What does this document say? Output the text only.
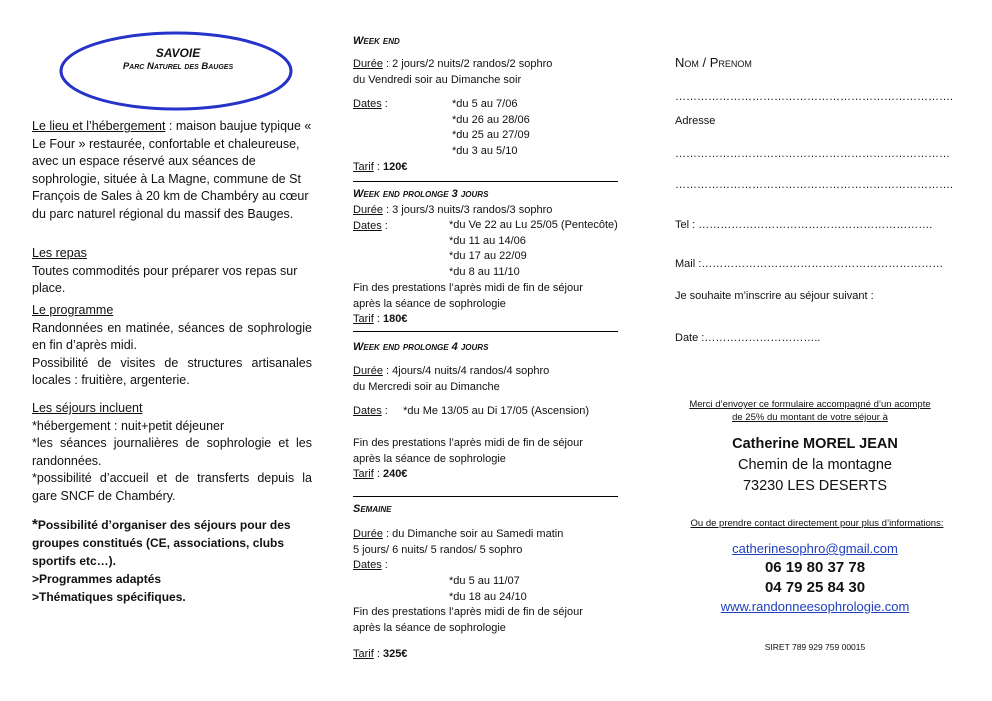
SAVOIE
Parc Naturel des Bauges
Le lieu et l’hébergement : maison baujue typique « Le Four » restaurée, confortable et chaleureuse, avec un espace réservé aux séances de sophrologie, située à La Magne, commune de St François de Sales à 20 km de Chambéry au cœur du parc naturel régional du massif des Bauges.
Les repas
Toutes commodités pour préparer vos repas sur place.
Le programme
Randonnées en matinée, séances de sophrologie en fin d’après midi.
Possibilité de visites de structures artisanales locales : fruitière, argenterie.
Les séjours incluent
*hébergement : nuit+petit déjeuner
*les séances journalières de sophrologie et les randonnées.
*possibilité d’accueil et de transferts depuis la gare SNCF de Chambéry.
*Possibilité d’organiser des séjours pour des groupes constitués (CE, associations, clubs sportifs etc…).
>Programmes adaptés
>Thématiques spécifiques.
Week end
Durée : 2 jours/2 nuits/2 randos/2 sophro
du Vendredi soir au Dimanche soir
Dates :	*du 5 au 7/06
*du 26 au 28/06
*du 25 au 27/09
*du 3 au 5/10
Tarif : 120€
Week end prolonge 3 jours
Durée : 3 jours/3 nuits/3 randos/3 sophro
Dates :	*du Ve 22 au Lu 25/05 (Pentecôte)
*du 11 au 14/06
*du 17 au 22/09
*du 8 au 11/10
Fin des prestations l’après midi de fin de séjour
après la séance de sophrologie
Tarif : 180€
Week end prolonge 4 jours
Durée : 4jours/4 nuits/4 randos/4 sophro
du Mercredi soir au Dimanche
Dates :     *du Me 13/05 au Di 17/05 (Ascension)
Fin des prestations l’après midi de fin de séjour
après la séance de sophrologie
Tarif : 240€
Semaine
Durée : du Dimanche soir au Samedi matin
5 jours/ 6 nuits/ 5 randos/ 5 sophro
Dates :
*du 5 au 11/07
*du 18 au 24/10
Fin des prestations l’après midi de fin de séjour
après la séance de sophrologie
Tarif : 325€
Nom / Prenom
………………………………………………………………….
Adresse
…………………………………………………………………
………………………………………………………………….
Tel : ……………………………………………………….
Mail :…………………………………………………………
Je souhaite m’inscrire au séjour suivant :
Date :…………………………..
Merci d’envoyer ce formulaire accompagné d’un acompte
de 25% du montant de votre séjour à
Catherine MOREL JEAN
Chemin de la montagne
73230 LES DESERTS
Ou de prendre contact directement pour plus d’informations:
catherinesophro@gmail.com
06 19 80 37 78
04 79 25 84 30
www.randonneesophrologie.com
SIRET 789 929 759 00015
